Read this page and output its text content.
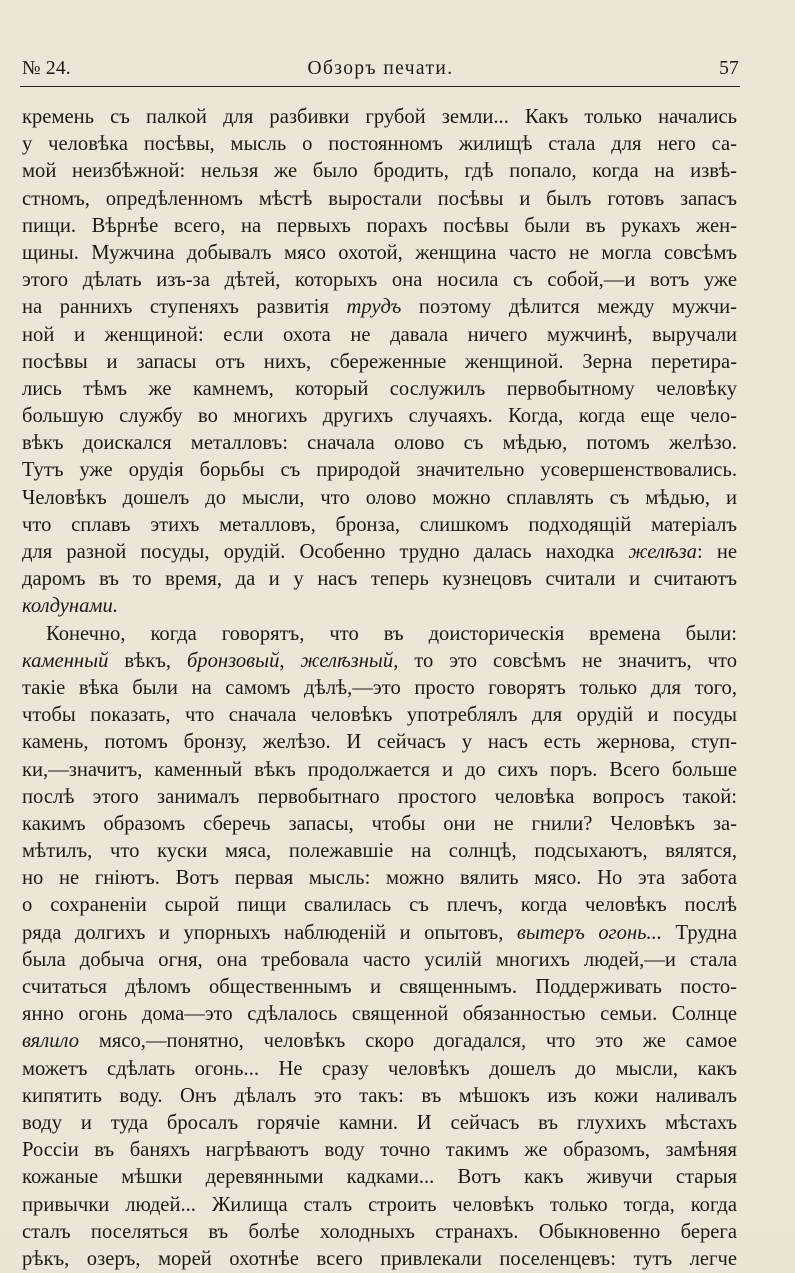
№ 24.	Обзоръ печати.	57
кремень съ палкой для разбивки грубой земли... Какъ только начались
у человѣка посѣвы, мысль о постоянномъ жилищѣ стала для него са-
мой неизбѣжной: нельзя же было бродить, гдѣ попало, когда на извѣ-
стномъ, опредѣленномъ мѣстѣ выростали посѣвы и былъ готовъ запасъ
пищи. Вѣрнѣе всего, на первыхъ порахъ посѣвы были въ рукахъ жен-
щины. Мужчина добывалъ мясо охотой, женщина часто не могла совсѣмъ
этого дѣлать изъ-за дѣтей, которыхъ она носила съ собой,—и вотъ уже
на раннихъ ступеняхъ развитія трудъ поэтому дѣлится между мужчи-
ной и женщиной: если охота не давала ничего мужчинѣ, выручали
посѣвы и запасы отъ нихъ, сбереженные женщиной. Зерна перетира-
лись тѣмъ же камнемъ, который сослужилъ первобытному человѣку
большую службу во многихъ другихъ случаяхъ. Когда, когда еще чело-
вѣкъ доискался металловъ: сначала олово съ мѣдью, потомъ желѣзо.
Тутъ уже орудія борьбы съ природой значительно усовершенствовались.
Человѣкъ дошелъ до мысли, что олово можно сплавлять съ мѣдью, и
что сплавъ этихъ металловъ, бронза, слишкомъ подходящій матеріалъ
для разной посуды, орудій. Особенно трудно далась находка желѣза: не
даромъ въ то время, да и у насъ теперь кузнецовъ считали и считаютъ
колдунами.
Конечно, когда говорятъ, что въ доисторическія времена были:
каменный вѣкъ, бронзовый, желѣзный, то это совсѣмъ не значитъ, что
такіе вѣка были на самомъ дѣлѣ,—это просто говорятъ только для того,
чтобы показать, что сначала человѣкъ употреблялъ для орудій и посуды
камень, потомъ бронзу, желѣзо. И сейчасъ у насъ есть жернова, ступ-
ки,—значитъ, каменный вѣкъ продолжается и до сихъ поръ. Всего больше
послѣ этого занималъ первобытнаго простого человѣка вопросъ такой:
какимъ образомъ сберечь запасы, чтобы они не гнили? Человѣкъ за-
мѣтилъ, что куски мяса, полежавшіе на солнцѣ, подсыхаютъ, вялятся,
но не гніютъ. Вотъ первая мысль: можно вялить мясо. Но эта забота
о сохраненіи сырой пищи свалилась съ плечъ, когда человѣкъ послѣ
ряда долгихъ и упорныхъ наблюденій и опытовъ, вытеръ огонь... Трудна
была добыча огня, она требовала часто усилій многихъ людей,—и стала
считаться дѣломъ общественнымъ и священнымъ. Поддерживать посто-
янно огонь дома—это сдѣлалось священной обязанностью семьи. Солнце
вялило мясо,—понятно, человѣкъ скоро догадался, что это же самое
можетъ сдѣлать огонь... Не сразу человѣкъ дошелъ до мысли, какъ
кипятить воду. Онъ дѣлалъ это такъ: въ мѣшокъ изъ кожи наливалъ
воду и туда бросалъ горячіе камни. И сейчасъ въ глухихъ мѣстахъ
Россіи въ баняхъ нагрѣваютъ воду точно такимъ же образомъ, замѣняя
кожаные мѣшки деревянными кадками... Вотъ какъ живучи старыя
привычки людей... Жилища сталъ строить человѣкъ только тогда, когда
сталъ поселяться въ болѣе холодныхъ странахъ. Обыкновенно берега
рѣкъ, озеръ, морей охотнѣе всего привлекали поселенцевъ: тутъ легче
